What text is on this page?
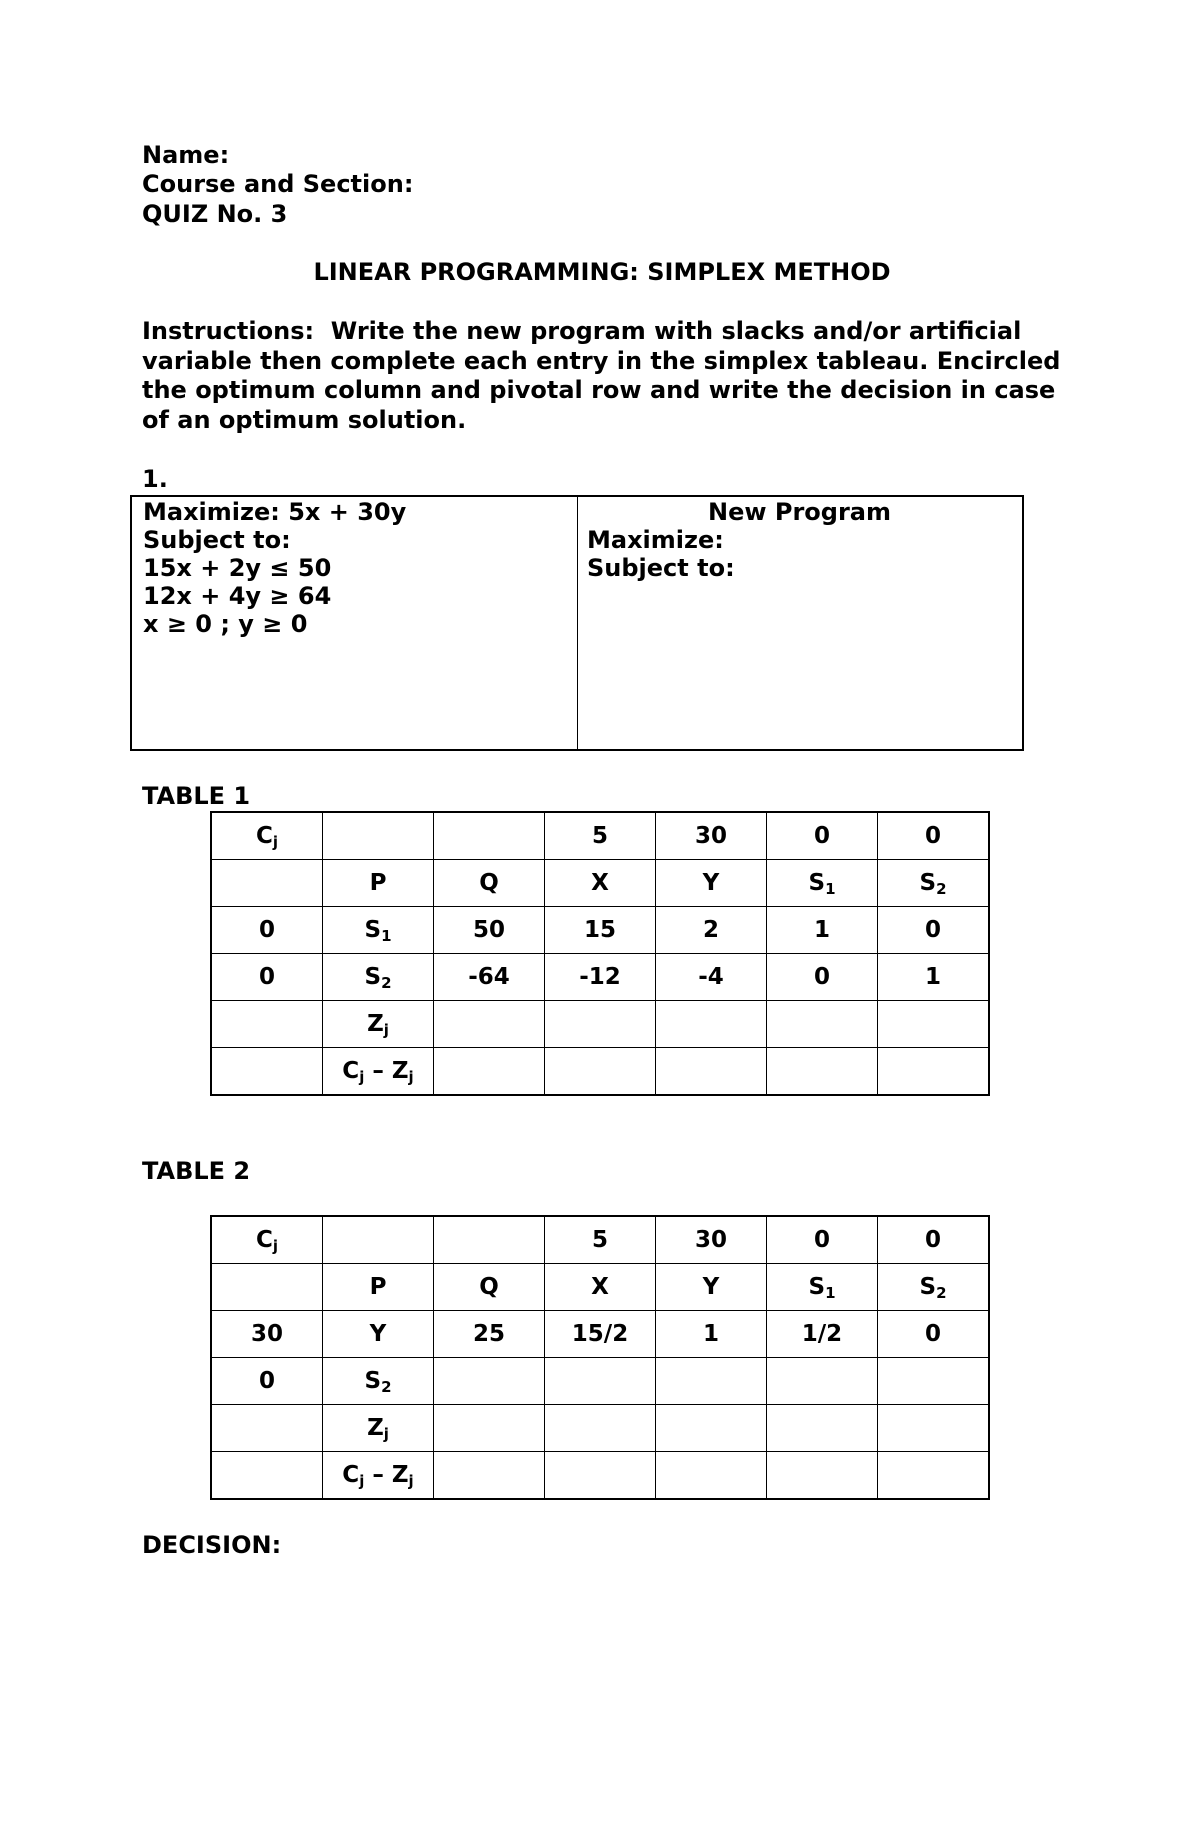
Name:
Course and Section:
QUIZ No. 3
LINEAR PROGRAMMING: SIMPLEX METHOD
Instructions:  Write the new program with slacks and/or artificial
variable then complete each entry in the simplex tableau. Encircled
the optimum column and pivotal row and write the decision in case
of an optimum solution.
1.
Maximize: 5x + 30y
Subject to:
15x + 2y ≤ 50
12x + 4y ≥ 64
x ≥ 0 ; y ≥ 0
New Program
Maximize:
Subject to:
TABLE 1
$C_j$			5	30	0	0
	P	Q	X	Y	$S_1$	$S_2$
0	$S_1$	50	15	2	1	0
0	$S_2$	-64	-12	-4	0	1
	$Z_j$					
	$C_j - Z_j$					
TABLE 2
$C_j$			5	30	0	0
	P	Q	X	Y	$S_1$	$S_2$
30	Y	25	15/2	1	1/2	0
0	$S_2$					
	$Z_j$					
	$C_j - Z_j$					
DECISION:
